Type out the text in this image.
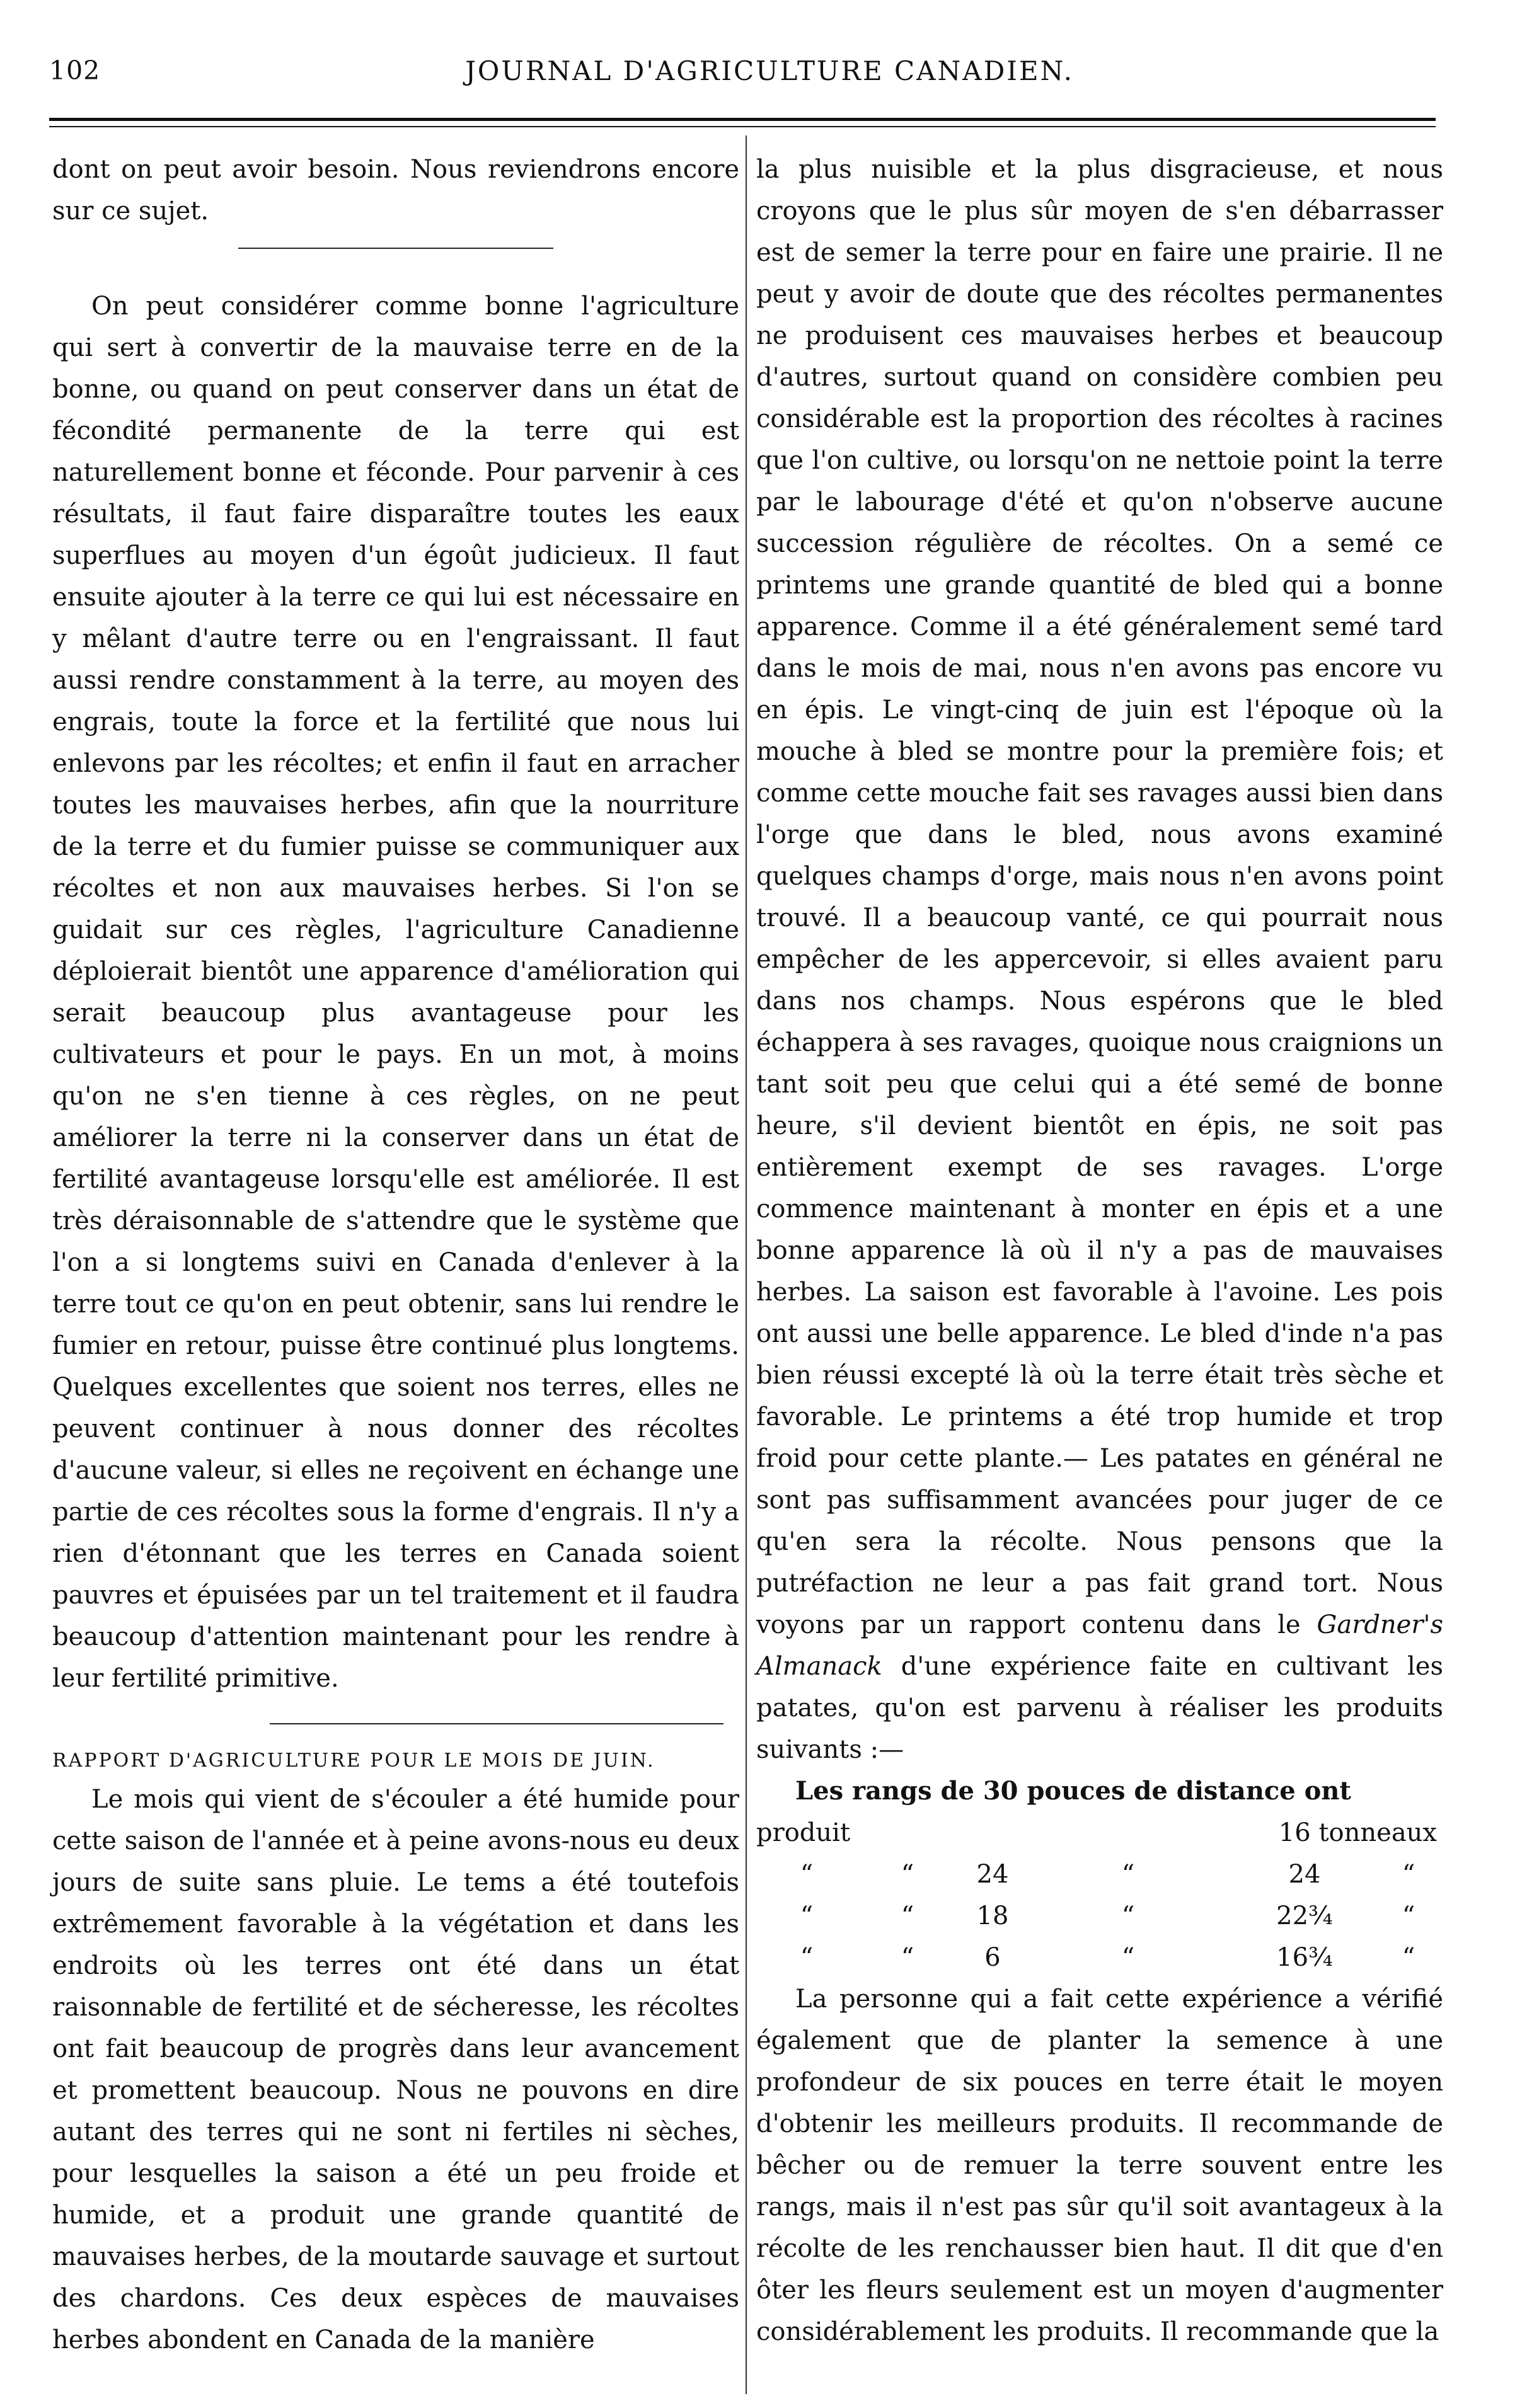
102	JOURNAL D'AGRICULTURE CANADIEN.

dont on peut avoir besoin. Nous reviendrons encore sur ce sujet.

On peut considérer comme bonne l'agriculture qui sert à convertir de la mauvaise terre en de la bonne, ou quand on peut conserver dans un état de fécondité permanente de la terre qui est naturellement bonne et féconde. Pour parvenir à ces résultats, il faut faire disparaître toutes les eaux superflues au moyen d'un égoût judicieux. Il faut ensuite ajouter à la terre ce qui lui est nécessaire en y mêlant d'autre terre ou en l'engraissant. Il faut aussi rendre constamment à la terre, au moyen des engrais, toute la force et la fertilité que nous lui enlevons par les récoltes; et enfin il faut en arracher toutes les mauvaises herbes, afin que la nourriture de la terre et du fumier puisse se communiquer aux récoltes et non aux mauvaises herbes. Si l'on se guidait sur ces règles, l'agriculture Canadienne déploierait bientôt une apparence d'amélioration qui serait beaucoup plus avantageuse pour les cultivateurs et pour le pays. En un mot, à moins qu'on ne s'en tienne à ces règles, on ne peut améliorer la terre ni la conserver dans un état de fertilité avantageuse lorsqu'elle est améliorée. Il est très déraisonnable de s'attendre que le système que l'on a si longtems suivi en Canada d'enlever à la terre tout ce qu'on en peut obtenir, sans lui rendre le fumier en retour, puisse être continué plus longtems. Quelques excellentes que soient nos terres, elles ne peuvent continuer à nous donner des récoltes d'aucune valeur, si elles ne reçoivent en échange une partie de ces récoltes sous la forme d'engrais. Il n'y a rien d'étonnant que les terres en Canada soient pauvres et épuisées par un tel traitement et il faudra beaucoup d'attention maintenant pour les rendre à leur fertilité primitive.

RAPPORT D'AGRICULTURE POUR LE MOIS DE JUIN.

Le mois qui vient de s'écouler a été humide pour cette saison de l'année et à peine avons-nous eu deux jours de suite sans pluie. Le tems a été toutefois extrêmement favorable à la végétation et dans les endroits où les terres ont été dans un état raisonnable de fertilité et de sécheresse, les récoltes ont fait beaucoup de progrès dans leur avancement et promettent beaucoup. Nous ne pouvons en dire autant des terres qui ne sont ni fertiles ni sèches, pour lesquelles la saison a été un peu froide et humide, et a produit une grande quantité de mauvaises herbes, de la moutarde sauvage et surtout des chardons. Ces deux espèces de mauvaises herbes abondent en Canada de la manière

la plus nuisible et la plus disgracieuse, et nous croyons que le plus sûr moyen de s'en débarrasser est de semer la terre pour en faire une prairie. Il ne peut y avoir de doute que des récoltes permanentes ne produisent ces mauvaises herbes et beaucoup d'autres, surtout quand on considère combien peu considérable est la proportion des récoltes à racines que l'on cultive, ou lorsqu'on ne nettoie point la terre par le labourage d'été et qu'on n'observe aucune succession régulière de récoltes. On a semé ce printems une grande quantité de bled qui a bonne apparence. Comme il a été généralement semé tard dans le mois de mai, nous n'en avons pas encore vu en épis. Le vingt-cinq de juin est l'époque où la mouche à bled se montre pour la première fois; et comme cette mouche fait ses ravages aussi bien dans l'orge que dans le bled, nous avons examiné quelques champs d'orge, mais nous n'en avons point trouvé. Il a beaucoup vanté, ce qui pourrait nous empêcher de les appercevoir, si elles avaient paru dans nos champs. Nous espérons que le bled échappera à ses ravages, quoique nous craignions un tant soit peu que celui qui a été semé de bonne heure, s'il devient bientôt en épis, ne soit pas entièrement exempt de ses ravages. L'orge commence maintenant à monter en épis et a une bonne apparence là où il n'y a pas de mauvaises herbes. La saison est favorable à l'avoine. Les pois ont aussi une belle apparence. Le bled d'inde n'a pas bien réussi excepté là où la terre était très sèche et favorable. Le printems a été trop humide et trop froid pour cette plante.— Les patates en général ne sont pas suffisamment avancées pour juger de ce qu'en sera la récolte. Nous pensons que la putréfaction ne leur a pas fait grand tort. Nous voyons par un rapport contenu dans le Gardner's Almanack d'une expérience faite en cultivant les patates, qu'on est parvenu à réaliser les produits suivants :—

Les rangs de 30 pouces de distance ont

produit	16 tonneaux
“	“	24	“	24	“
“	“	18	“	22¾	“
“	“	6	“	16¾	“

La personne qui a fait cette expérience a vérifié également que de planter la semence à une profondeur de six pouces en terre était le moyen d'obtenir les meilleurs produits. Il recommande de bêcher ou de remuer la terre souvent entre les rangs, mais il n'est pas sûr qu'il soit avantageux à la récolte de les renchausser bien haut. Il dit que d'en ôter les fleurs seulement est un moyen d'augmenter considérablement les produits. Il recommande que la
